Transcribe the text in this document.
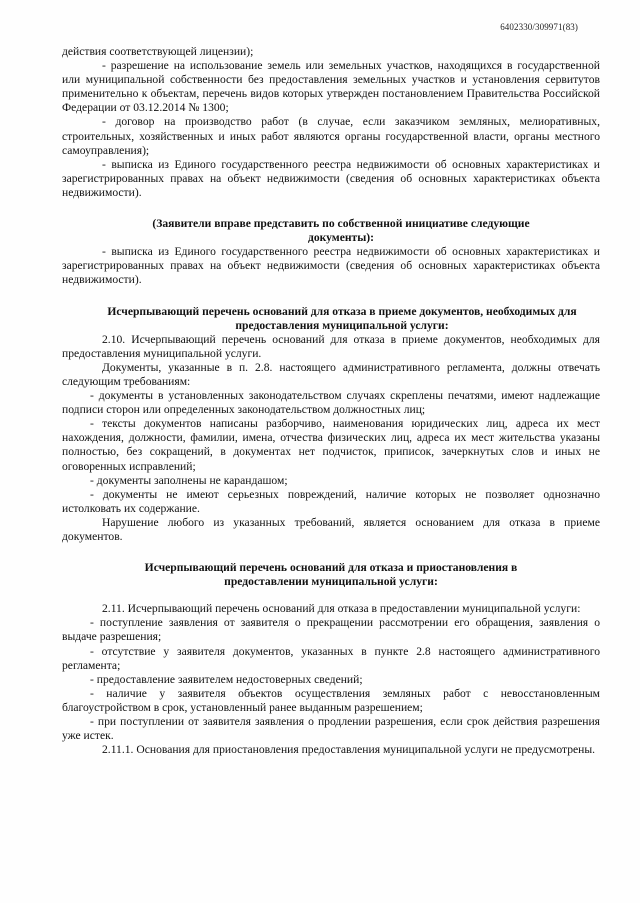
6402330/309971(83)

действия соответствующей лицензии);

- разрешение на использование земель или земельных участков, находящихся в государственной или муниципальной собственности без предоставления земельных участков и установления сервитутов применительно к объектам, перечень видов которых утвержден постановлением Правительства Российской Федерации от 03.12.2014 № 1300;

- договор на производство работ (в случае, если заказчиком земляных, мелиоративных, строительных, хозяйственных и иных работ являются органы государственной власти, органы местного самоуправления);

- выписка из Единого государственного реестра недвижимости об основных характеристиках и зарегистрированных правах на объект недвижимости (сведения об основных характеристиках объекта недвижимости).

(Заявители вправе представить по собственной инициативе следующие документы):

- выписка из Единого государственного реестра недвижимости об основных характеристиках и зарегистрированных правах на объект недвижимости (сведения об основных характеристиках объекта недвижимости).

Исчерпывающий перечень оснований для отказа в приеме документов, необходимых для предоставления муниципальной услуги:

2.10. Исчерпывающий перечень оснований для отказа в приеме документов, необходимых для предоставления муниципальной услуги.

Документы, указанные в п. 2.8. настоящего административного регламента, должны отвечать следующим требованиям:

- документы в установленных законодательством случаях скреплены печатями, имеют надлежащие подписи сторон или определенных законодательством должностных лиц;

- тексты документов написаны разборчиво, наименования юридических лиц, адреса их мест нахождения, должности, фамилии, имена, отчества физических лиц, адреса их мест жительства указаны полностью, без сокращений, в документах нет подчисток, приписок, зачеркнутых слов и иных не оговоренных исправлений;

- документы заполнены не карандашом;

- документы не имеют серьезных повреждений, наличие которых не позволяет однозначно истолковать их содержание.

Нарушение любого из указанных требований, является основанием для отказа в приеме документов.

Исчерпывающий перечень оснований для отказа и приостановления в предоставлении муниципальной услуги:

2.11. Исчерпывающий перечень оснований для отказа в предоставлении муниципальной услуги:

- поступление заявления от заявителя о прекращении рассмотрении его обращения, заявления о выдаче разрешения;

- отсутствие у заявителя документов, указанных в пункте 2.8 настоящего административного регламента;

- предоставление заявителем недостоверных сведений;

- наличие у заявителя объектов осуществления земляных работ с невосстановленным благоустройством в срок, установленный ранее выданным разрешением;

- при поступлении от заявителя заявления о продлении разрешения, если срок действия разрешения уже истек.

2.11.1. Основания для приостановления предоставления муниципальной услуги не предусмотрены.
